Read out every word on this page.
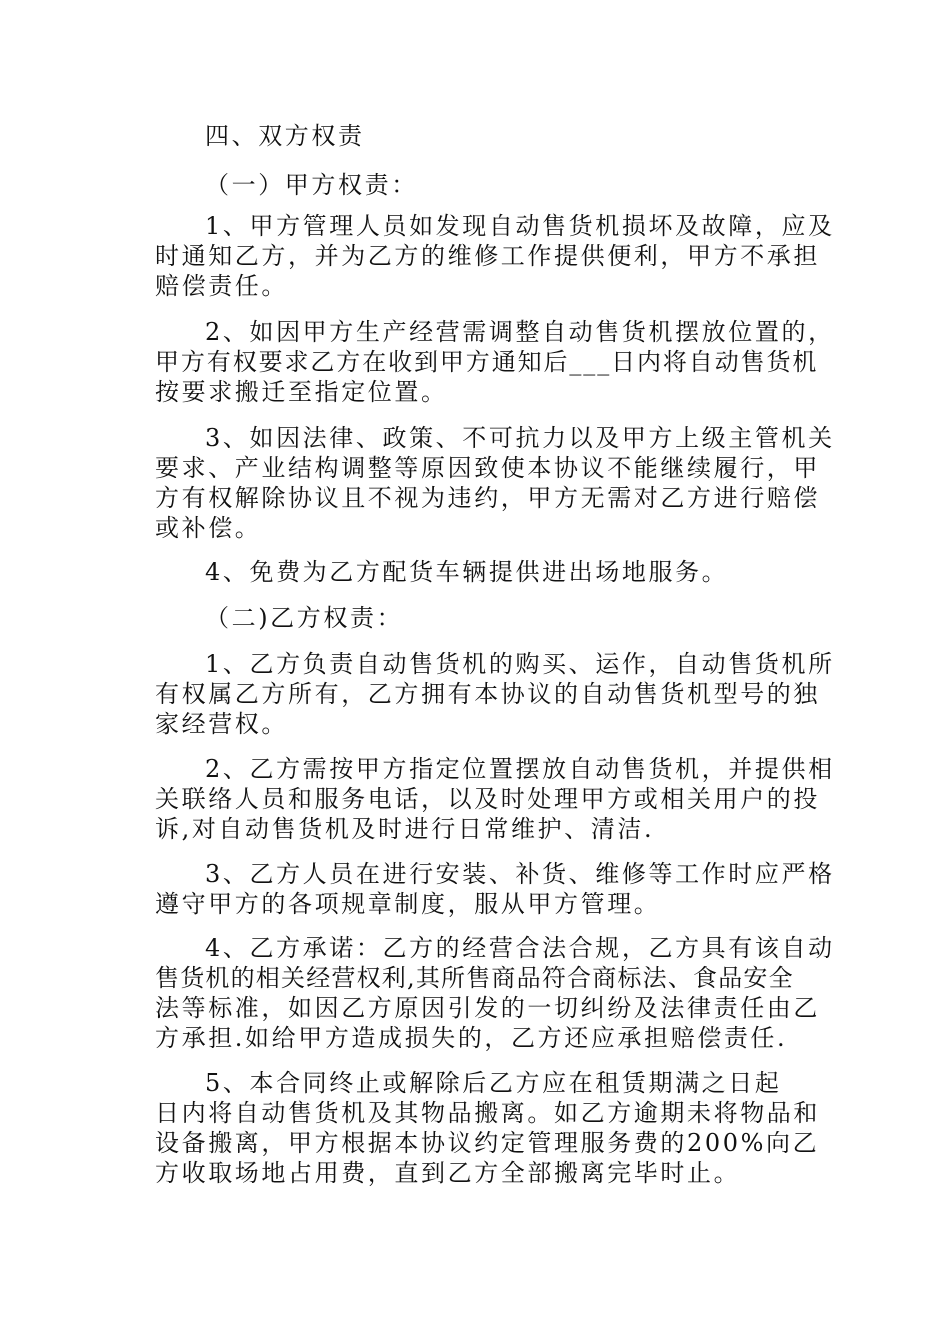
四、双方权责
（一）甲方权责：
1、甲方管理人员如发现自动售货机损坏及故障，应及
时通知乙方，并为乙方的维修工作提供便利，甲方不承担
赔偿责任。
2、如因甲方生产经营需调整自动售货机摆放位置的，
甲方有权要求乙方在收到甲方通知后___日内将自动售货机
按要求搬迁至指定位置。
3、如因法律、政策、不可抗力以及甲方上级主管机关
要求、产业结构调整等原因致使本协议不能继续履行，甲
方有权解除协议且不视为违约，甲方无需对乙方进行赔偿
或补偿。
4、免费为乙方配货车辆提供进出场地服务。
（二)乙方权责：
1、乙方负责自动售货机的购买、运作，自动售货机所
有权属乙方所有，乙方拥有本协议的自动售货机型号的独
家经营权。
2、乙方需按甲方指定位置摆放自动售货机，并提供相
关联络人员和服务电话，以及时处理甲方或相关用户的投
诉,对自动售货机及时进行日常维护、清洁.
3、乙方人员在进行安装、补货、维修等工作时应严格
遵守甲方的各项规章制度，服从甲方管理。
4、乙方承诺：乙方的经营合法合规，乙方具有该自动
售货机的相关经营权利,其所售商品符合商标法、食品安全
法等标准，如因乙方原因引发的一切纠纷及法律责任由乙
方承担.如给甲方造成损失的，乙方还应承担赔偿责任.
5、本合同终止或解除后乙方应在租赁期满之日起
日内将自动售货机及其物品搬离。如乙方逾期未将物品和
设备搬离，甲方根据本协议约定管理服务费的200%向乙
方收取场地占用费，直到乙方全部搬离完毕时止。
